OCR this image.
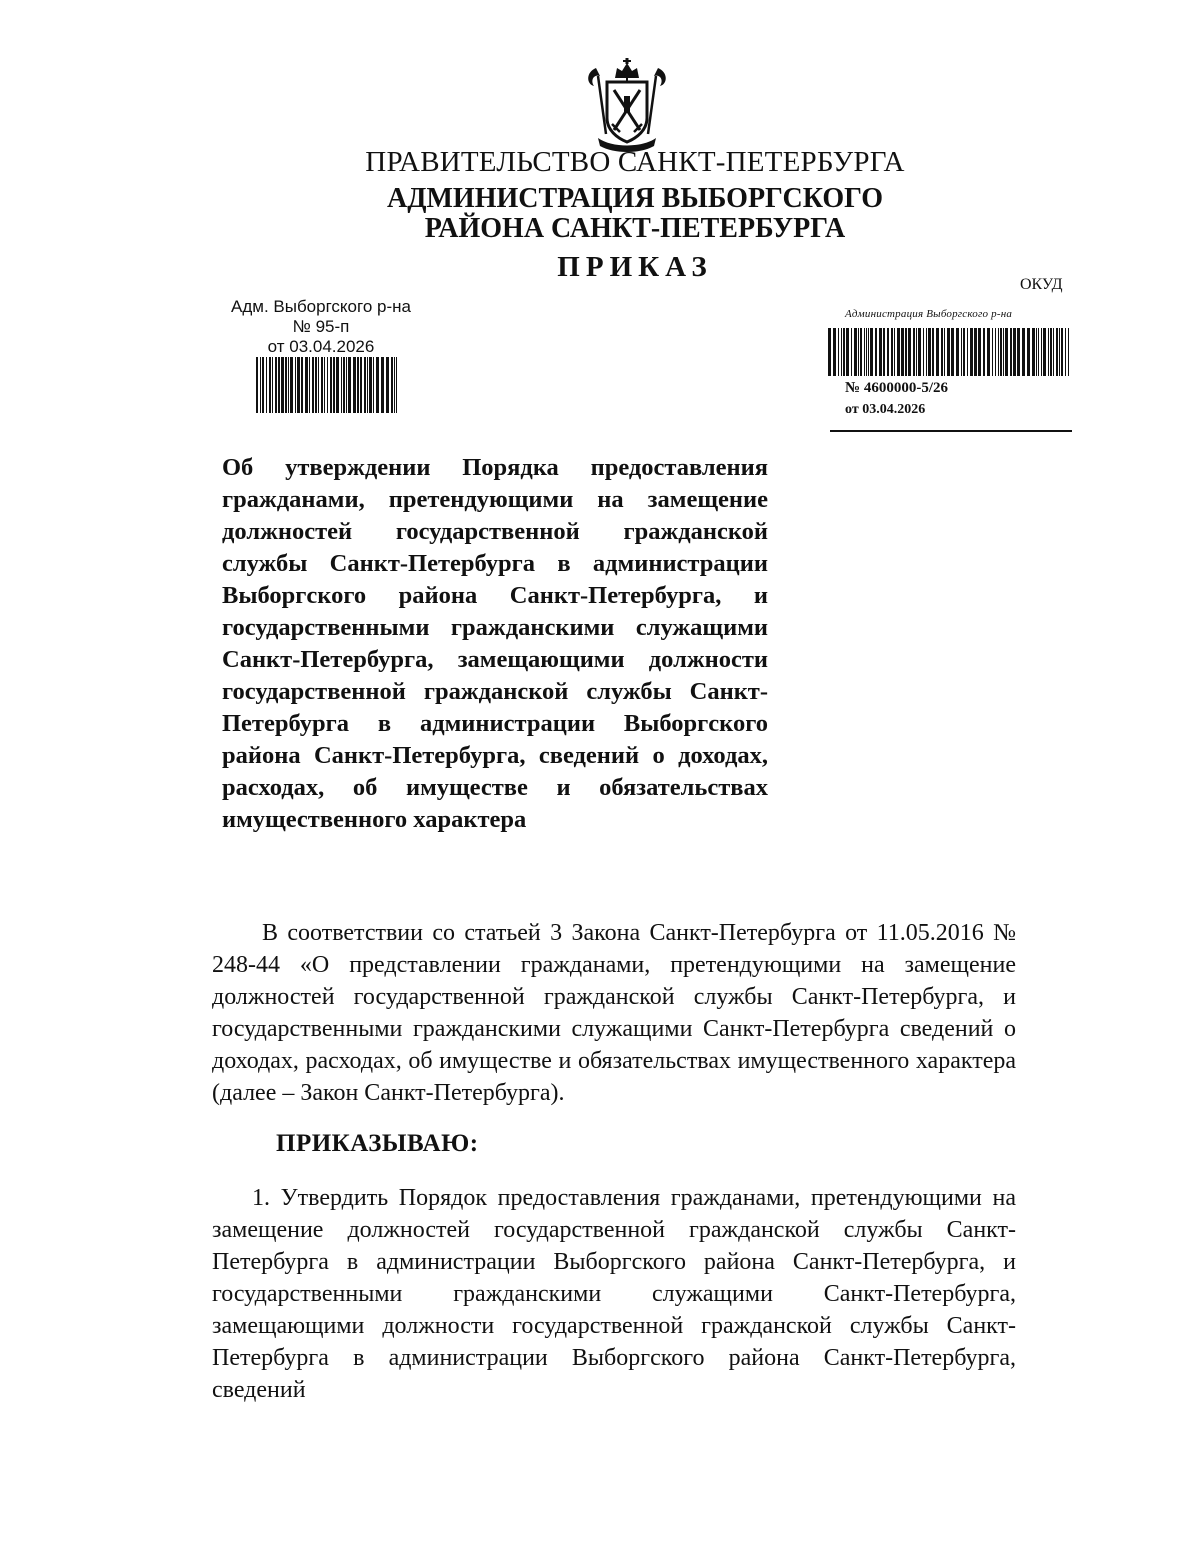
ПРАВИТЕЛЬСТВО САНКТ-ПЕТЕРБУРГА
АДМИНИСТРАЦИЯ ВЫБОРГСКОГО
РАЙОНА САНКТ-ПЕТЕРБУРГА
ПРИКАЗ
ОКУД
Адм. Выборгского р-на
№ 95-п
от 03.04.2026
Администрация Выборгского р-на
№ 4600000-5/26
от 03.04.2026
Об утверждении Порядка предоставления гражданами, претендующими на замещение должностей государственной гражданской службы Санкт-Петербурга в администрации Выборгского района Санкт-Петербурга, и государственными гражданскими служащими Санкт-Петербурга, замещающими должности государственной гражданской службы Санкт-Петербурга в администрации Выборгского района Санкт-Петербурга, сведений о доходах, расходах, об имуществе и обязательствах имущественного характера
В соответствии со статьей 3 Закона Санкт-Петербурга от 11.05.2016 № 248-44 «О представлении гражданами, претендующими на замещение должностей государственной гражданской службы Санкт-Петербурга, и государственными гражданскими служащими Санкт-Петербурга сведений о доходах, расходах, об имуществе и обязательствах имущественного характера (далее – Закон Санкт-Петербурга).
ПРИКАЗЫВАЮ:
1. Утвердить Порядок предоставления гражданами, претендующими на замещение должностей государственной гражданской службы Санкт-Петербурга в администрации Выборгского района Санкт-Петербурга, и государственными гражданскими служащими Санкт-Петербурга, замещающими должности государственной гражданской службы Санкт-Петербурга в администрации Выборгского района Санкт-Петербурга, сведений
